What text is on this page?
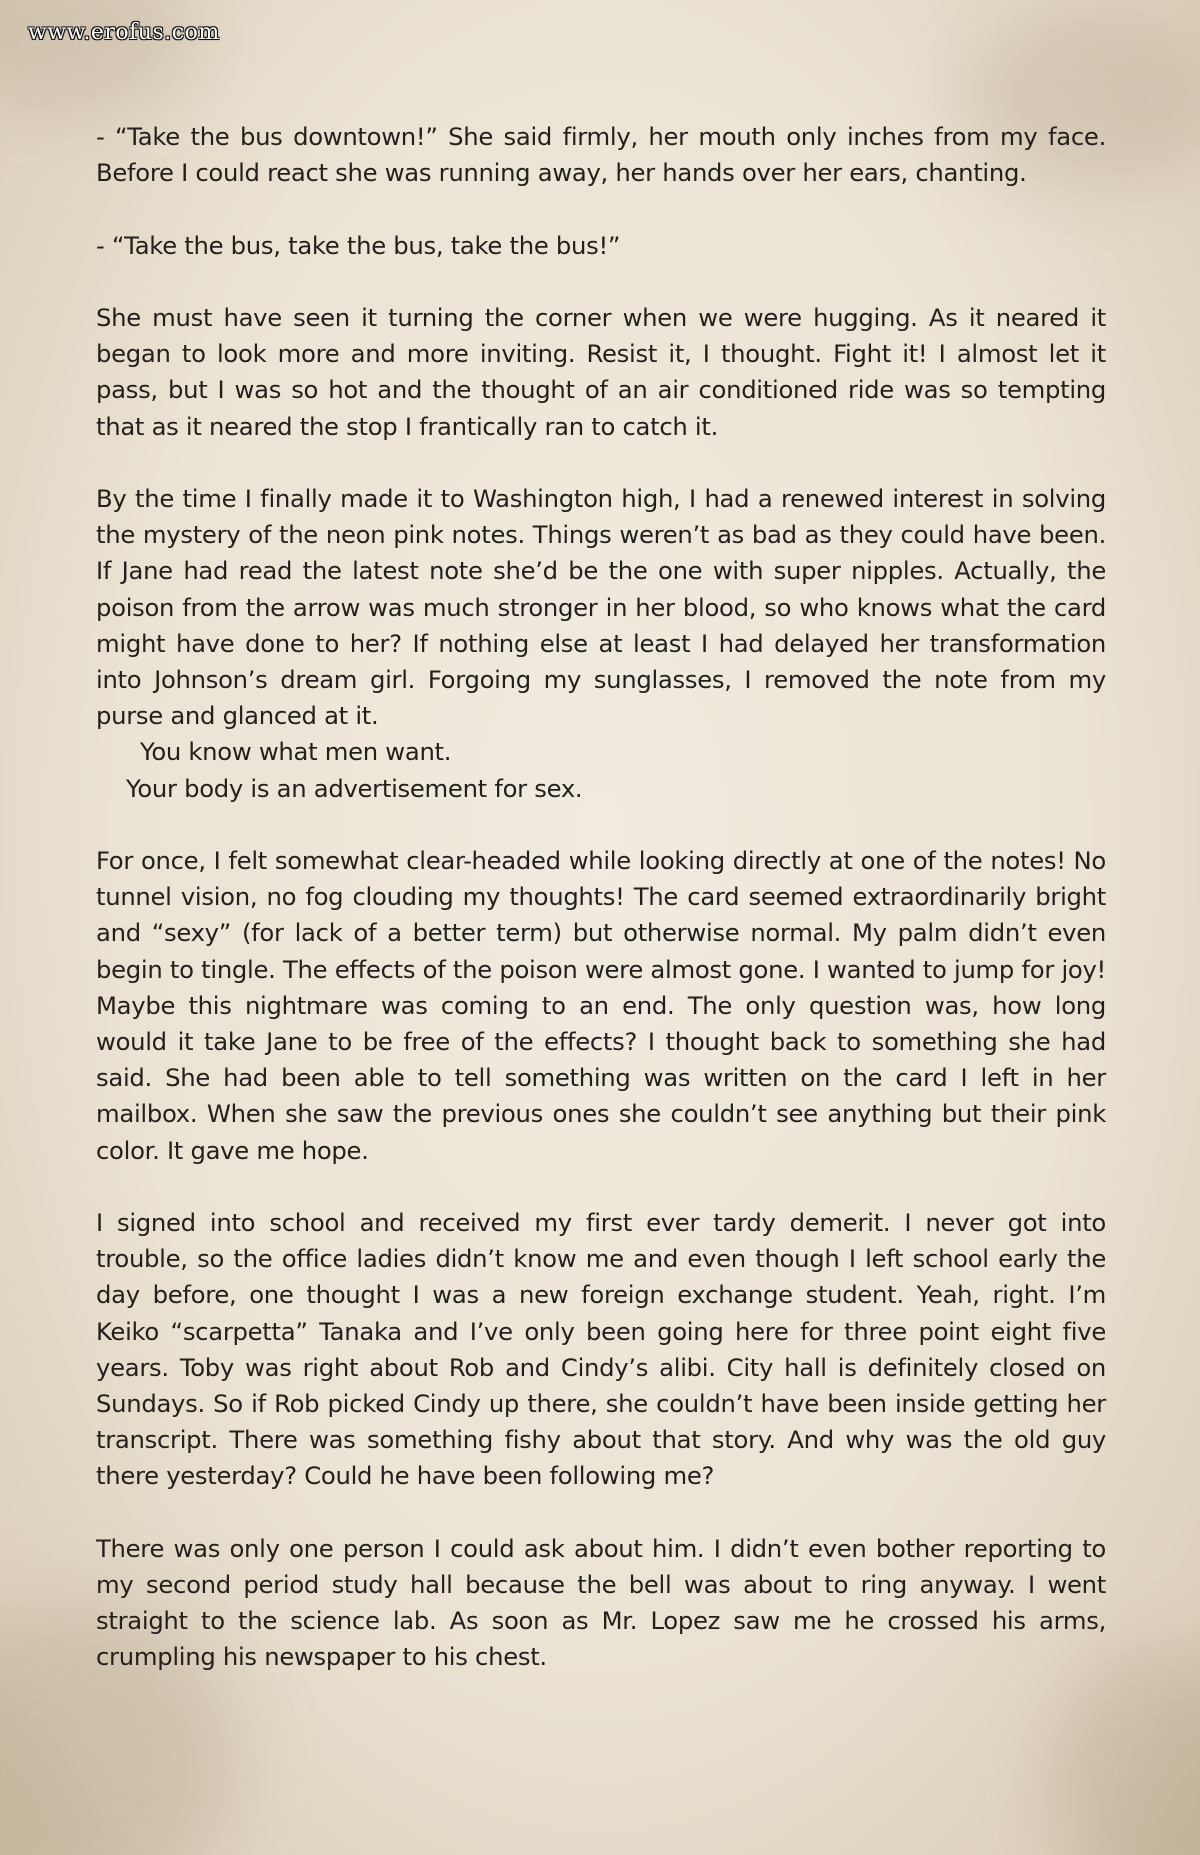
www.erofus.com

- “Take the bus downtown!” She said firmly, her mouth only inches from my face. Before I could react she was running away, her hands over her ears, chanting.

- “Take the bus, take the bus, take the bus!”

She must have seen it turning the corner when we were hugging. As it neared it began to look more and more inviting. Resist it, I thought. Fight it! I almost let it pass, but I was so hot and the thought of an air conditioned ride was so tempting that as it neared the stop I frantically ran to catch it.

By the time I finally made it to Washington high, I had a renewed interest in solving the mystery of the neon pink notes. Things weren’t as bad as they could have been. If Jane had read the latest note she’d be the one with super nipples. Actually, the poison from the arrow was much stronger in her blood, so who knows what the card might have done to her? If nothing else at least I had delayed her transformation into Johnson’s dream girl. Forgoing my sunglasses, I removed the note from my purse and glanced at it.

You know what men want.

Your body is an advertisement for sex.

For once, I felt somewhat clear-headed while looking directly at one of the notes! No tunnel vision, no fog clouding my thoughts! The card seemed extraordinarily bright and “sexy” (for lack of a better term) but otherwise normal. My palm didn’t even begin to tingle. The effects of the poison were almost gone. I wanted to jump for joy! Maybe this nightmare was coming to an end. The only question was, how long would it take Jane to be free of the effects? I thought back to something she had said. She had been able to tell something was written on the card I left in her mailbox. When she saw the previous ones she couldn’t see anything but their pink color. It gave me hope.

I signed into school and received my first ever tardy demerit. I never got into trouble, so the office ladies didn’t know me and even though I left school early the day before, one thought I was a new foreign exchange student. Yeah, right. I’m Keiko “scarpetta” Tanaka and I’ve only been going here for three point eight five years. Toby was right about Rob and Cindy’s alibi. City hall is definitely closed on Sundays. So if Rob picked Cindy up there, she couldn’t have been inside getting her transcript. There was something fishy about that story. And why was the old guy there yesterday? Could he have been following me?

There was only one person I could ask about him. I didn’t even bother reporting to my second period study hall because the bell was about to ring anyway. I went straight to the science lab. As soon as Mr. Lopez saw me he crossed his arms, crumpling his newspaper to his chest.
